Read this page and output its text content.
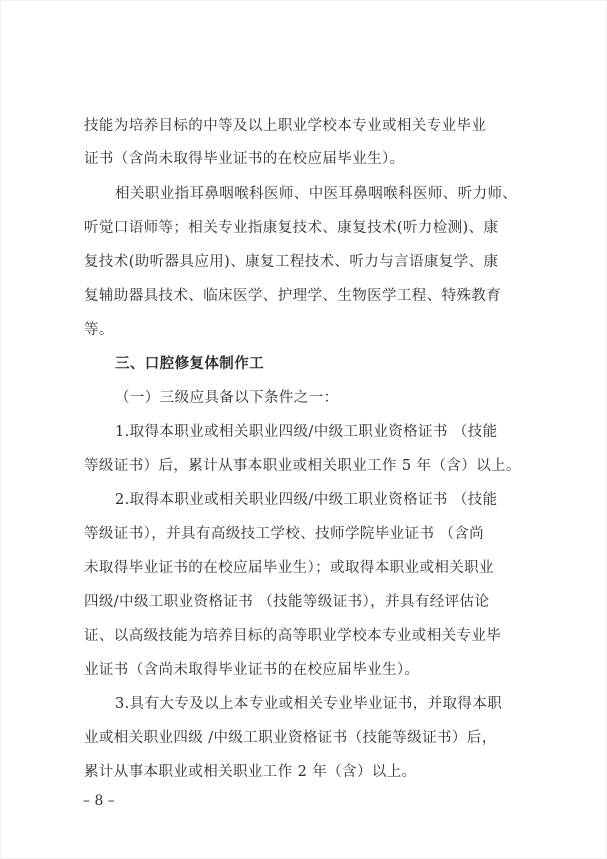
技能为培养目标的中等及以上职业学校本专业或相关专业毕业
证书（含尚未取得毕业证书的在校应届毕业生）。
相关职业指耳鼻咽喉科医师、中医耳鼻咽喉科医师、听力师、
听觉口语师等；相关专业指康复技术、康复技术(听力检测)、康
复技术(助听器具应用)、康复工程技术、听力与言语康复学、康
复辅助器具技术、临床医学、护理学、生物医学工程、特殊教育
等。
三、口腔修复体制作工
（一）三级应具备以下条件之一：
1.取得本职业或相关职业四级/中级工职业资格证书 （技能
等级证书）后，累计从事本职业或相关职业工作 5 年（含）以上。
2.取得本职业或相关职业四级/中级工职业资格证书 （技能
等级证书），并具有高级技工学校、技师学院毕业证书 （含尚
未取得毕业证书的在校应届毕业生）；或取得本职业或相关职业
四级/中级工职业资格证书 （技能等级证书），并具有经评估论
证、以高级技能为培养目标的高等职业学校本专业或相关专业毕
业证书（含尚未取得毕业证书的在校应届毕业生）。
3.具有大专及以上本专业或相关专业毕业证书，并取得本职
业或相关职业四级 /中级工职业资格证书（技能等级证书）后，
累计从事本职业或相关职业工作 2 年（含）以上。
– 8 –
